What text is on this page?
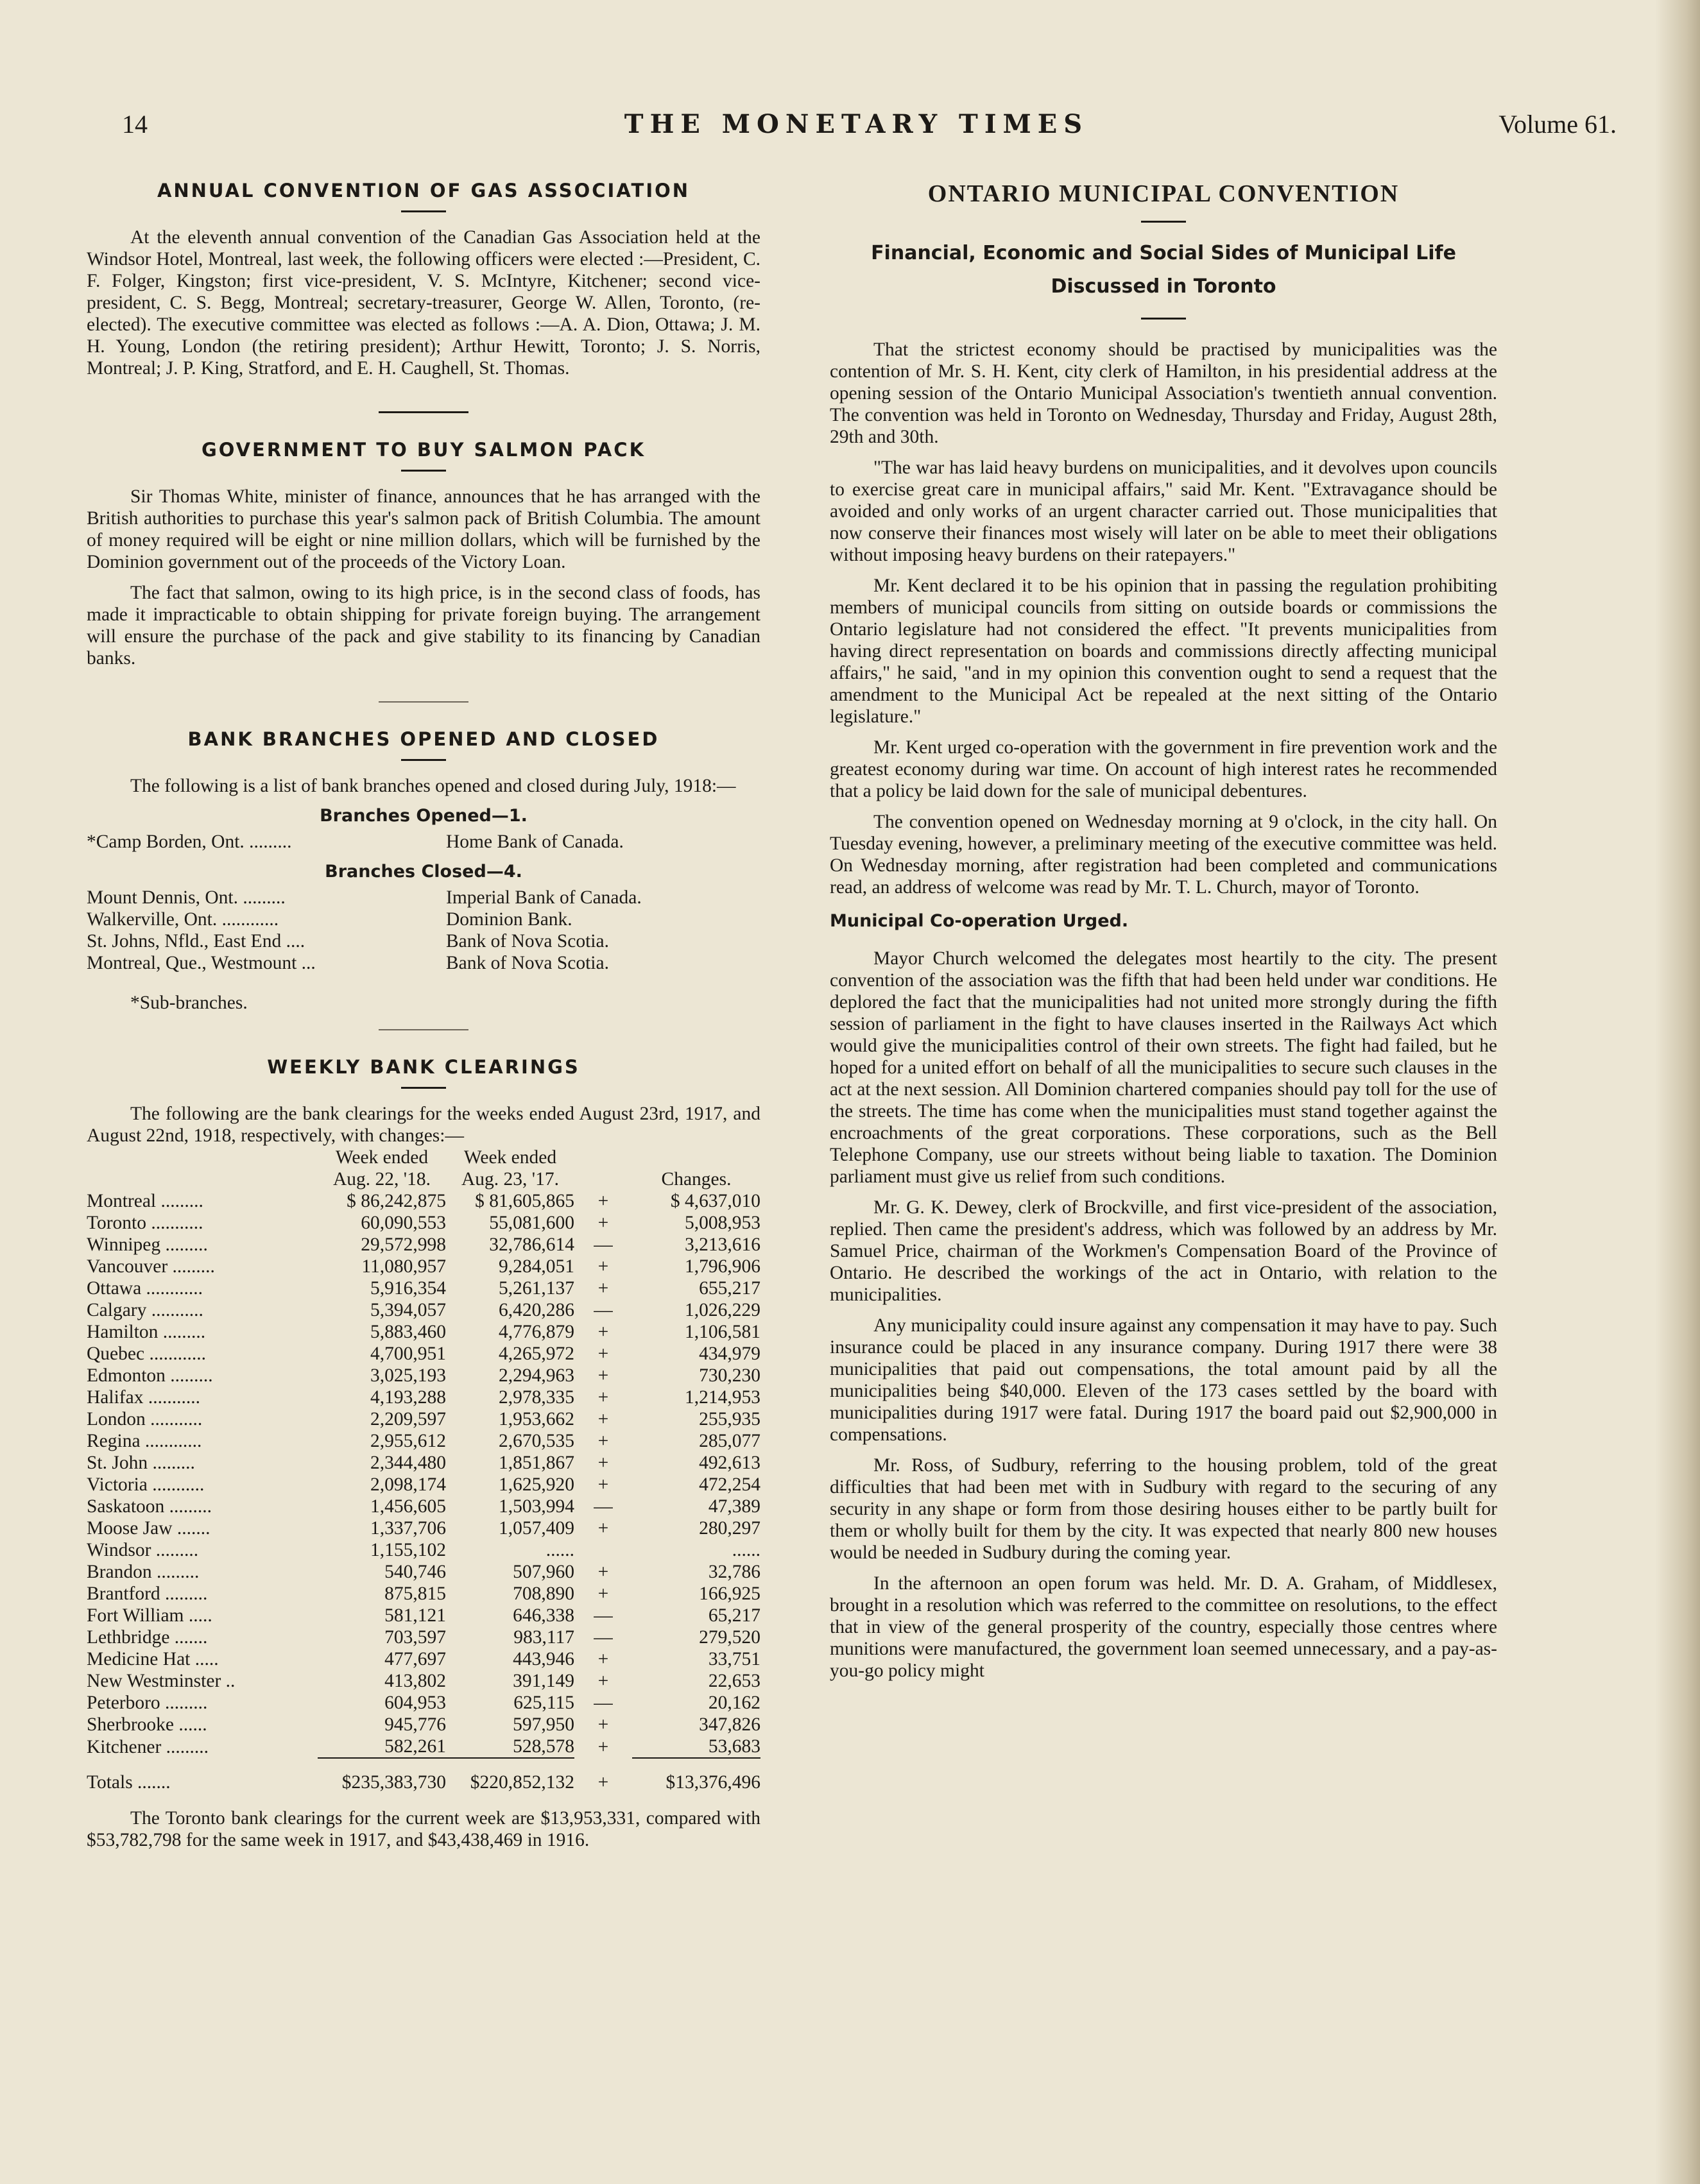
14	THE MONETARY TIMES	Volume 61.
ANNUAL CONVENTION OF GAS ASSOCIATION

At the eleventh annual convention of the Canadian Gas Association held at the Windsor Hotel, Montreal, last week, the following officers were elected :—President, C. F. Folger, Kingston; first vice-president, V. S. McIntyre, Kitchener; second vice-president, C. S. Begg, Montreal; secretary-treasurer, George W. Allen, Toronto, (re-elected). The executive committee was elected as follows :—A. A. Dion, Ottawa; J. M. H. Young, London (the retiring president); Arthur Hewitt, Toronto; J. S. Norris, Montreal; J. P. King, Stratford, and E. H. Caughell, St. Thomas.

GOVERNMENT TO BUY SALMON PACK

Sir Thomas White, minister of finance, announces that he has arranged with the British authorities to purchase this year's salmon pack of British Columbia. The amount of money required will be eight or nine million dollars, which will be furnished by the Dominion government out of the proceeds of the Victory Loan.

The fact that salmon, owing to its high price, is in the second class of foods, has made it impracticable to obtain shipping for private foreign buying. The arrangement will ensure the purchase of the pack and give stability to its financing by Canadian banks.

BANK BRANCHES OPENED AND CLOSED

The following is a list of bank branches opened and closed during July, 1918:—

Branches Opened—1.
*Camp Borden, Ont. .........	Home Bank of Canada.
Branches Closed—4.
Mount Dennis, Ont. .........	Imperial Bank of Canada.
Walkerville, Ont. ............	Dominion Bank.
St. Johns, Nfld., East End ....	Bank of Nova Scotia.
Montreal, Que., Westmount ...	Bank of Nova Scotia.
*Sub-branches.
WEEKLY BANK CLEARINGS

The following are the bank clearings for the weeks ended August 23rd, 1917, and August 22nd, 1918, respectively, with changes:—

	Week ended	Week ended		
	Aug. 22, '18.	Aug. 23, '17.		Changes.
Montreal .........	$ 86,242,875	$ 81,605,865	+	$ 4,637,010
Toronto ...........	60,090,553	55,081,600	+	5,008,953
Winnipeg .........	29,572,998	32,786,614	—	3,213,616
Vancouver .........	11,080,957	9,284,051	+	1,796,906
Ottawa ............	5,916,354	5,261,137	+	655,217
Calgary ...........	5,394,057	6,420,286	—	1,026,229
Hamilton .........	5,883,460	4,776,879	+	1,106,581
Quebec ............	4,700,951	4,265,972	+	434,979
Edmonton .........	3,025,193	2,294,963	+	730,230
Halifax ...........	4,193,288	2,978,335	+	1,214,953
London ...........	2,209,597	1,953,662	+	255,935
Regina ............	2,955,612	2,670,535	+	285,077
St. John .........	2,344,480	1,851,867	+	492,613
Victoria ...........	2,098,174	1,625,920	+	472,254
Saskatoon .........	1,456,605	1,503,994	—	47,389
Moose Jaw .......	1,337,706	1,057,409	+	280,297
Windsor .........	1,155,102	......		......
Brandon .........	540,746	507,960	+	32,786
Brantford .........	875,815	708,890	+	166,925
Fort William .....	581,121	646,338	—	65,217
Lethbridge .......	703,597	983,117	—	279,520
Medicine Hat .....	477,697	443,946	+	33,751
New Westminster ..	413,802	391,149	+	22,653
Peterboro .........	604,953	625,115	—	20,162
Sherbrooke ......	945,776	597,950	+	347,826
Kitchener .........	582,261	528,578	+	53,683
Totals .......	$235,383,730	$220,852,132	+	$13,376,496

The Toronto bank clearings for the current week are $13,953,331, compared with $53,782,798 for the same week in 1917, and $43,438,469 in 1916.

ONTARIO MUNICIPAL CONVENTION
Financial, Economic and Social Sides of Municipal Life
Discussed in Toronto

That the strictest economy should be practised by municipalities was the contention of Mr. S. H. Kent, city clerk of Hamilton, in his presidential address at the opening session of the Ontario Municipal Association's twentieth annual convention. The convention was held in Toronto on Wednesday, Thursday and Friday, August 28th, 29th and 30th.

"The war has laid heavy burdens on municipalities, and it devolves upon councils to exercise great care in municipal affairs," said Mr. Kent. "Extravagance should be avoided and only works of an urgent character carried out. Those municipalities that now conserve their finances most wisely will later on be able to meet their obligations without imposing heavy burdens on their ratepayers."

Mr. Kent declared it to be his opinion that in passing the regulation prohibiting members of municipal councils from sitting on outside boards or commissions the Ontario legislature had not considered the effect. "It prevents municipalities from having direct representation on boards and commissions directly affecting municipal affairs," he said, "and in my opinion this convention ought to send a request that the amendment to the Municipal Act be repealed at the next sitting of the Ontario legislature."

Mr. Kent urged co-operation with the government in fire prevention work and the greatest economy during war time. On account of high interest rates he recommended that a policy be laid down for the sale of municipal debentures.

The convention opened on Wednesday morning at 9 o'clock, in the city hall. On Tuesday evening, however, a preliminary meeting of the executive committee was held. On Wednesday morning, after registration had been completed and communications read, an address of welcome was read by Mr. T. L. Church, mayor of Toronto.

Municipal Co-operation Urged.

Mayor Church welcomed the delegates most heartily to the city. The present convention of the association was the fifth that had been held under war conditions. He deplored the fact that the municipalities had not united more strongly during the fifth session of parliament in the fight to have clauses inserted in the Railways Act which would give the municipalities control of their own streets. The fight had failed, but he hoped for a united effort on behalf of all the municipalities to secure such clauses in the act at the next session. All Dominion chartered companies should pay toll for the use of the streets. The time has come when the municipalities must stand together against the encroachments of the great corporations. These corporations, such as the Bell Telephone Company, use our streets without being liable to taxation. The Dominion parliament must give us relief from such conditions.

Mr. G. K. Dewey, clerk of Brockville, and first vice-president of the association, replied. Then came the president's address, which was followed by an address by Mr. Samuel Price, chairman of the Workmen's Compensation Board of the Province of Ontario. He described the workings of the act in Ontario, with relation to the municipalities.

Any municipality could insure against any compensation it may have to pay. Such insurance could be placed in any insurance company. During 1917 there were 38 municipalities that paid out compensations, the total amount paid by all the municipalities being $40,000. Eleven of the 173 cases settled by the board with municipalities during 1917 were fatal. During 1917 the board paid out $2,900,000 in compensations.

Mr. Ross, of Sudbury, referring to the housing problem, told of the great difficulties that had been met with in Sudbury with regard to the securing of any security in any shape or form from those desiring houses either to be partly built for them or wholly built for them by the city. It was expected that nearly 800 new houses would be needed in Sudbury during the coming year.

In the afternoon an open forum was held. Mr. D. A. Graham, of Middlesex, brought in a resolution which was referred to the committee on resolutions, to the effect that in view of the general prosperity of the country, especially those centres where munitions were manufactured, the government loan seemed unnecessary, and a pay-as-you-go policy might
